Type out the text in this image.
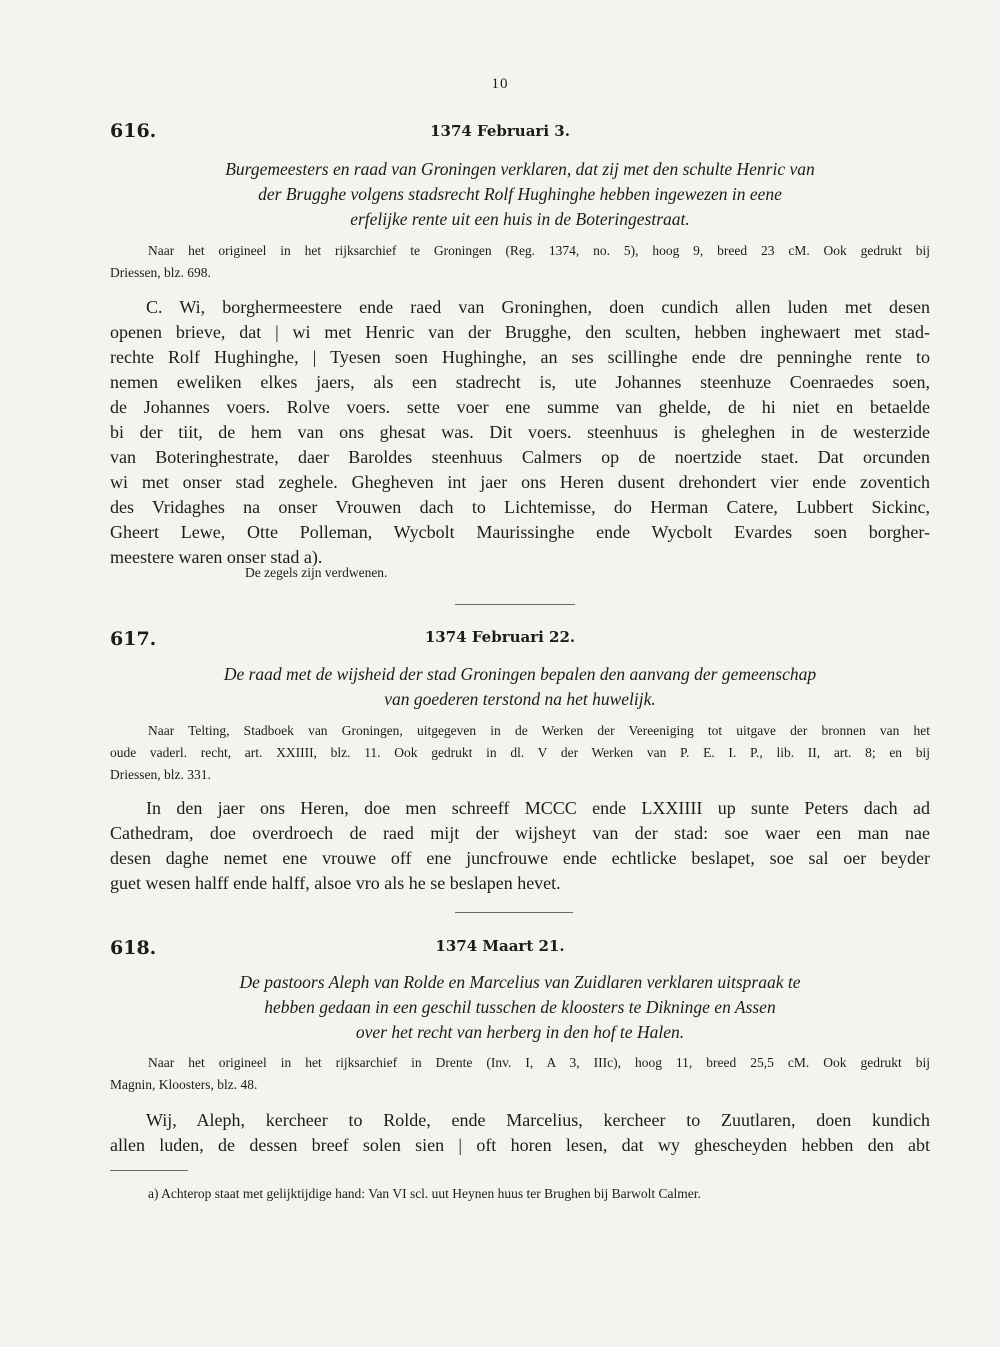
10
616.	1374 Februari 3.
Burgemeesters en raad van Groningen verklaren, dat zij met den schulte Henric van
der Brugghe volgens stadsrecht Rolf Hughinghe hebben ingewezen in eene
erfelijke rente uit een huis in de Boteringestraat.
Naar het origineel in het rijksarchief te Groningen (Reg. 1374, no. 5), hoog 9, breed 23 cM. Ook gedrukt bij
Driessen, blz. 698.
C. Wi, borghermeestere ende raed van Groninghen, doen cundich allen luden met desen
openen brieve, dat | wi met Henric van der Brugghe, den sculten, hebben inghewaert met stad-
rechte Rolf Hughinghe, | Tyesen soen Hughinghe, an ses scillinghe ende dre penninghe rente to
nemen eweliken elkes jaers, als een stadrecht is, ute Johannes steenhuze Coenraedes soen,
de Johannes voers. Rolve voers. sette voer ene summe van ghelde, de hi niet en betaelde
bi der tiit, de hem van ons ghesat was. Dit voers. steenhuus is gheleghen in de westerzide
van Boteringhestrate, daer Baroldes steenhuus Calmers op de noertzide staet. Dat orcunden
wi met onser stad zeghele. Ghegheven int jaer ons Heren dusent drehondert vier ende zoventich
des Vridaghes na onser Vrouwen dach to Lichtemisse, do Herman Catere, Lubbert Sickinc,
Gheert Lewe, Otte Polleman, Wycbolt Maurissinghe ende Wycbolt Evardes soen borgher-
meestere waren onser stad a).
De zegels zijn verdwenen.
617.	1374 Februari 22.
De raad met de wijsheid der stad Groningen bepalen den aanvang der gemeenschap
van goederen terstond na het huwelijk.
Naar Telting, Stadboek van Groningen, uitgegeven in de Werken der Vereeniging tot uitgave der bronnen van het
oude vaderl. recht, art. XXIIII, blz. 11. Ook gedrukt in dl. V der Werken van P. E. I. P., lib. II, art. 8; en bij
Driessen, blz. 331.
In den jaer ons Heren, doe men schreeff MCCC ende LXXIIII up sunte Peters dach ad
Cathedram, doe overdroech de raed mijt der wijsheyt van der stad: soe waer een man nae
desen daghe nemet ene vrouwe off ene juncfrouwe ende echtlicke beslapet, soe sal oer beyder
guet wesen halff ende halff, alsoe vro als he se beslapen hevet.
618.	1374 Maart 21.
De pastoors Aleph van Rolde en Marcelius van Zuidlaren verklaren uitspraak te
hebben gedaan in een geschil tusschen de kloosters te Dikninge en Assen
over het recht van herberg in den hof te Halen.
Naar het origineel in het rijksarchief in Drente (Inv. I, A 3, IIIc), hoog 11, breed 25,5 cM. Ook gedrukt bij
Magnin, Kloosters, blz. 48.
Wij, Aleph, kercheer to Rolde, ende Marcelius, kercheer to Zuutlaren, doen kundich
allen luden, de dessen breef solen sien | oft horen lesen, dat wy ghescheyden hebben den abt
a) Achterop staat met gelijktijdige hand: Van VI scl. uut Heynen huus ter Brughen bij Barwolt Calmer.
